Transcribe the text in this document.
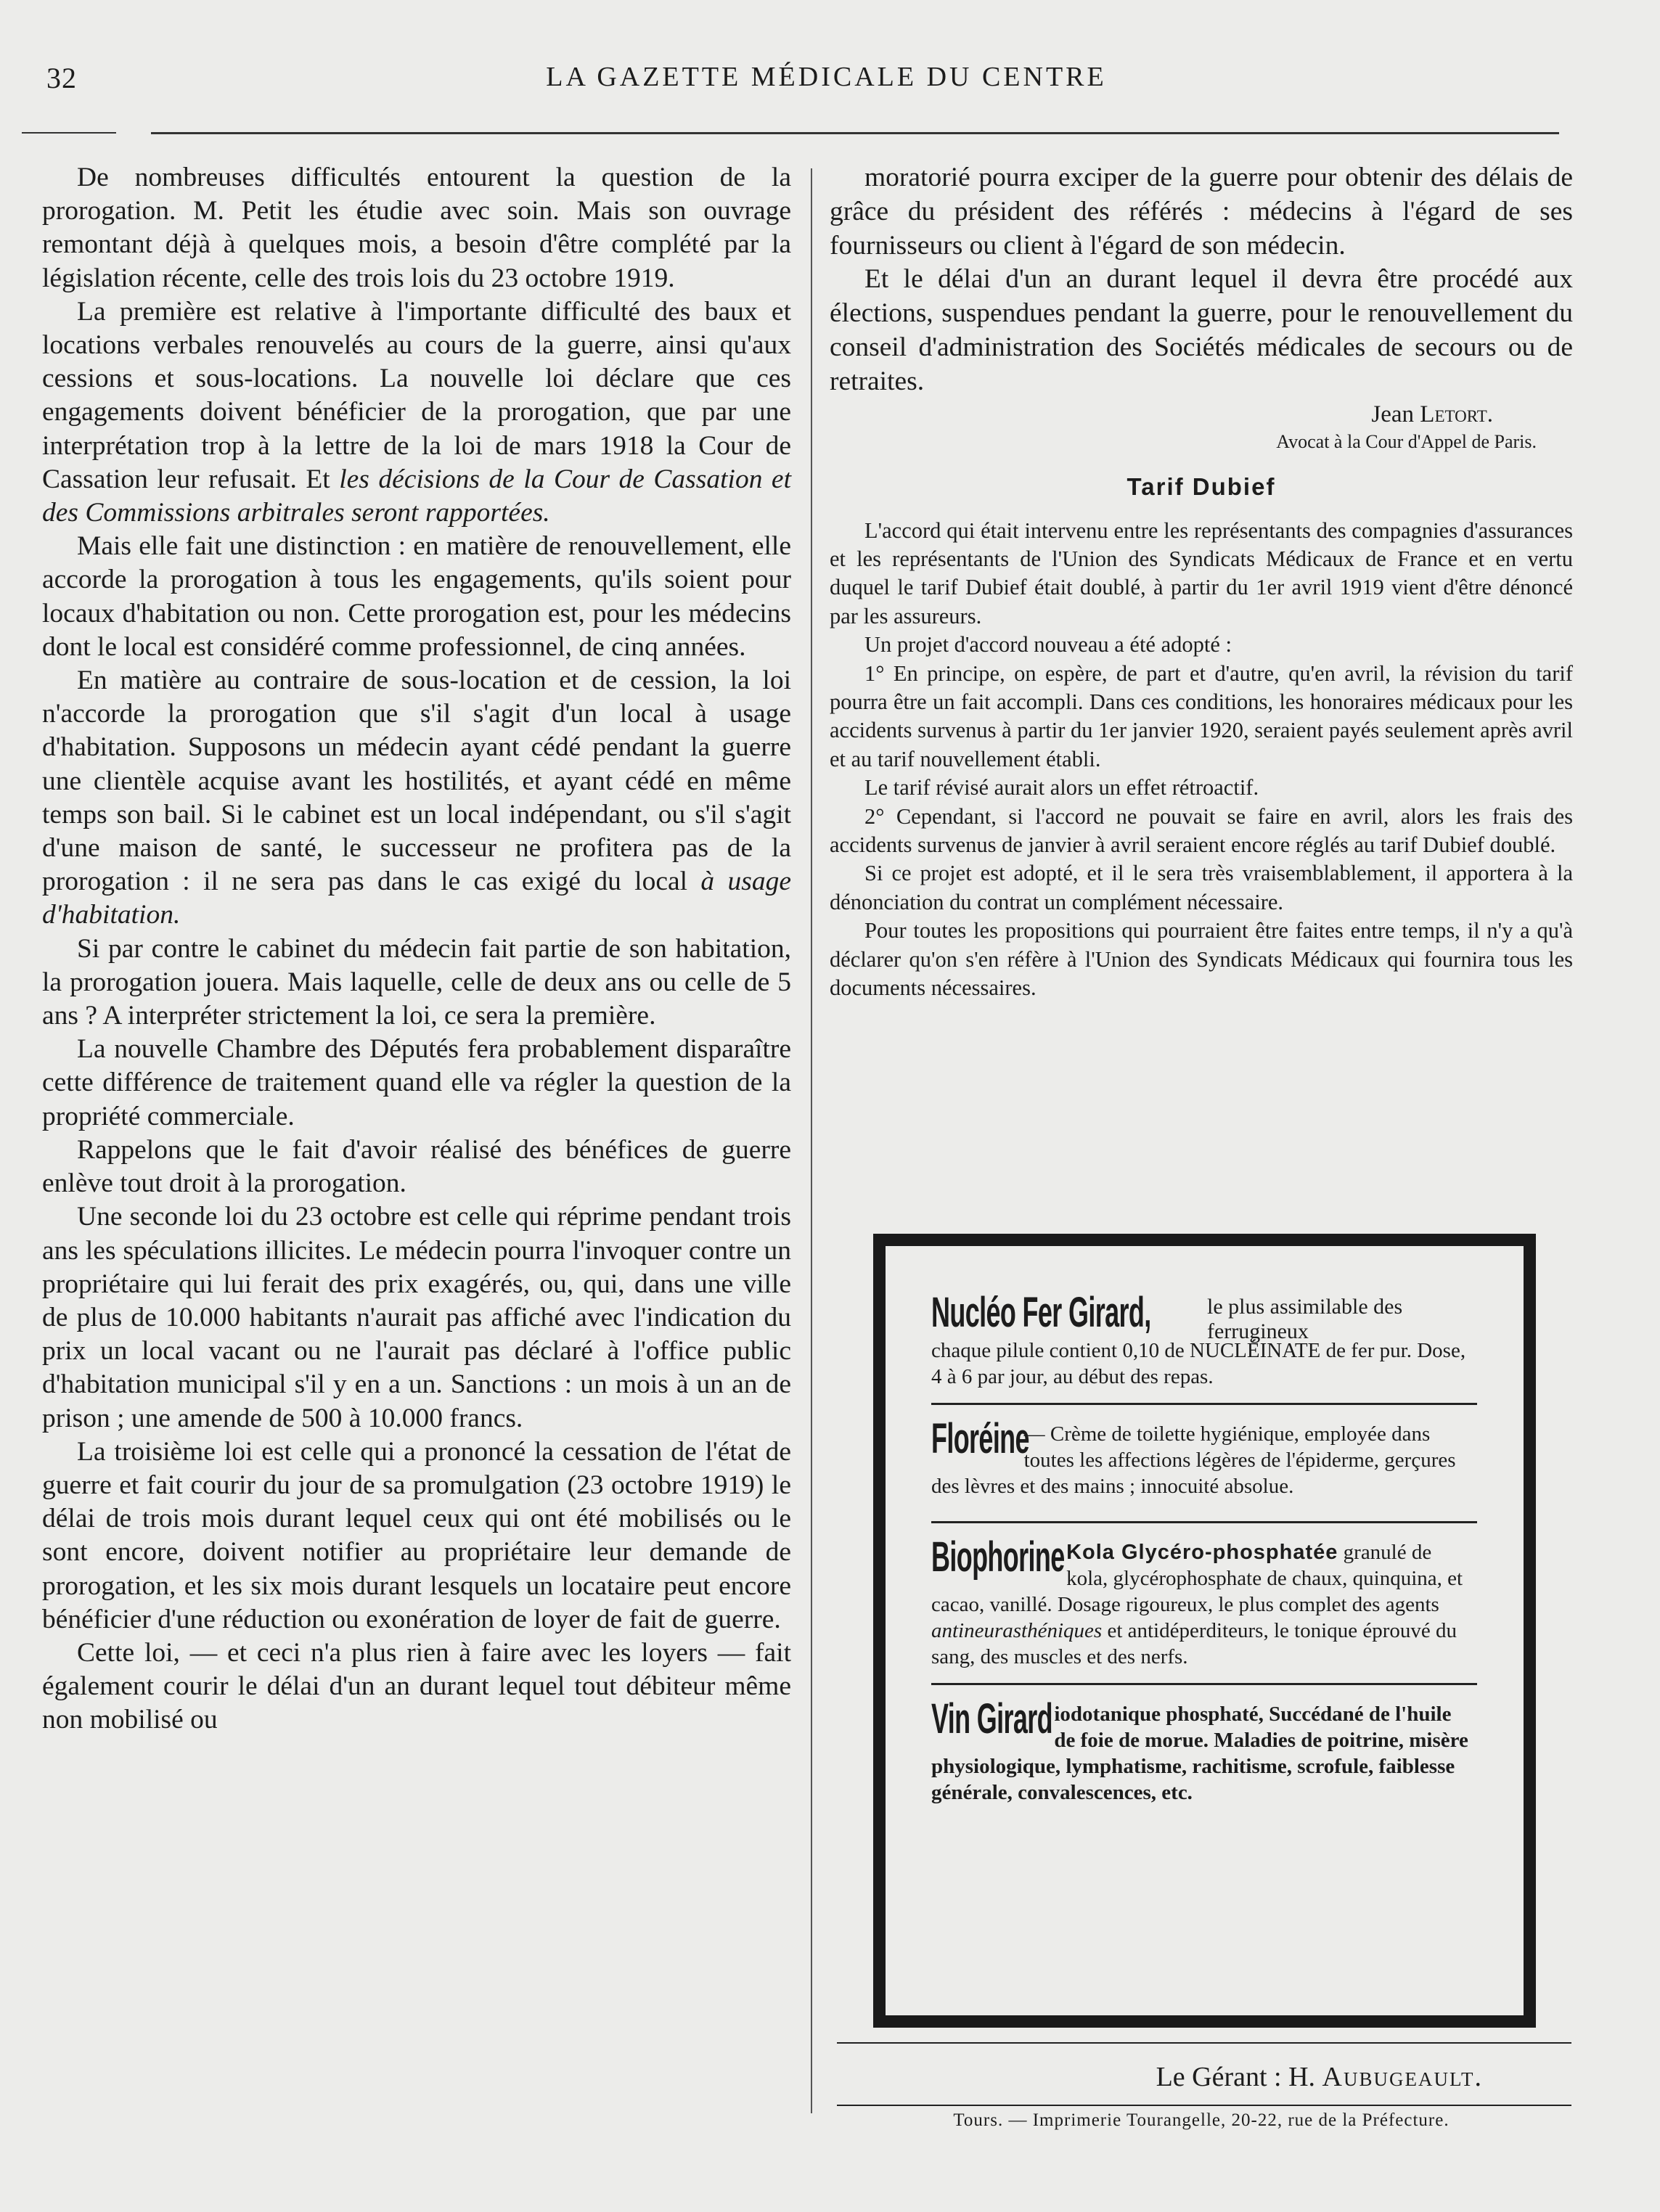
32	LA GAZETTE MÉDICALE DU CENTRE

De nombreuses difficultés entourent la question de la prorogation. M. Petit les étudie avec soin. Mais son ouvrage remontant déjà à quelques mois, a besoin d'être complété par la législation récente, celle des trois lois du 23 octobre 1919.

La première est relative à l'importante difficulté des baux et locations verbales renouvelés au cours de la guerre, ainsi qu'aux cessions et sous-locations. La nouvelle loi déclare que ces engagements doivent bénéficier de la prorogation, que par une interprétation trop à la lettre de la loi de mars 1918 la Cour de Cassation leur refusait. Et les décisions de la Cour de Cassation et des Commissions arbitrales seront rapportées.

Mais elle fait une distinction : en matière de renouvellement, elle accorde la prorogation à tous les engagements, qu'ils soient pour locaux d'habitation ou non. Cette prorogation est, pour les médecins dont le local est considéré comme professionnel, de cinq années.

En matière au contraire de sous-location et de cession, la loi n'accorde la prorogation que s'il s'agit d'un local à usage d'habitation. Supposons un médecin ayant cédé pendant la guerre une clientèle acquise avant les hostilités, et ayant cédé en même temps son bail. Si le cabinet est un local indépendant, ou s'il s'agit d'une maison de santé, le successeur ne profitera pas de la prorogation : il ne sera pas dans le cas exigé du local à usage d'habitation.

Si par contre le cabinet du médecin fait partie de son habitation, la prorogation jouera. Mais laquelle, celle de deux ans ou celle de 5 ans ? A interpréter strictement la loi, ce sera la première.

La nouvelle Chambre des Députés fera probablement disparaître cette différence de traitement quand elle va régler la question de la propriété commerciale.

Rappelons que le fait d'avoir réalisé des bénéfices de guerre enlève tout droit à la prorogation.

Une seconde loi du 23 octobre est celle qui réprime pendant trois ans les spéculations illicites. Le médecin pourra l'invoquer contre un propriétaire qui lui ferait des prix exagérés, ou, qui, dans une ville de plus de 10.000 habitants n'aurait pas affiché avec l'indication du prix un local vacant ou ne l'aurait pas déclaré à l'office public d'habitation municipal s'il y en a un. Sanctions : un mois à un an de prison ; une amende de 500 à 10.000 francs.

La troisième loi est celle qui a prononcé la cessation de l'état de guerre et fait courir du jour de sa promulgation (23 octobre 1919) le délai de trois mois durant lequel ceux qui ont été mobilisés ou le sont encore, doivent notifier au propriétaire leur demande de prorogation, et les six mois durant lesquels un locataire peut encore bénéficier d'une réduction ou exonération de loyer de fait de guerre.

Cette loi, — et ceci n'a plus rien à faire avec les loyers — fait également courir le délai d'un an durant lequel tout débiteur même non mobilisé ou

moratorié pourra exciper de la guerre pour obtenir des délais de grâce du président des référés : médecins à l'égard de ses fournisseurs ou client à l'égard de son médecin.

Et le délai d'un an durant lequel il devra être procédé aux élections, suspendues pendant la guerre, pour le renouvellement du conseil d'administration des Sociétés médicales de secours ou de retraites.

Jean Letort.
Avocat à la Cour d'Appel de Paris.
Tarif Dubief

L'accord qui était intervenu entre les représentants des compagnies d'assurances et les représentants de l'Union des Syndicats Médicaux de France et en vertu duquel le tarif Dubief était doublé, à partir du 1er avril 1919 vient d'être dénoncé par les assureurs.

Un projet d'accord nouveau a été adopté :

1° En principe, on espère, de part et d'autre, qu'en avril, la révision du tarif pourra être un fait accompli. Dans ces conditions, les honoraires médicaux pour les accidents survenus à partir du 1er janvier 1920, seraient payés seulement après avril et au tarif nouvellement établi.

Le tarif révisé aurait alors un effet rétroactif.

2° Cependant, si l'accord ne pouvait se faire en avril, alors les frais des accidents survenus de janvier à avril seraient encore réglés au tarif Dubief doublé.

Si ce projet est adopté, et il le sera très vraisemblablement, il apportera à la dénonciation du contrat un complément nécessaire.

Pour toutes les propositions qui pourraient être faites entre temps, il n'y a qu'à déclarer qu'on s'en réfère à l'Union des Syndicats Médicaux qui fournira tous les documents nécessaires.

Nucléo Fer Girard,	le plus assimilable des ferrugineux
chaque pilule contient 0,10 de NUCLÉINATE de fer pur. Dose, 4 à 6 par jour, au début des repas.
Floréine
— Crème de toilette hygiénique, employée dans toutes les affections légères de l'épiderme, gerçures des lèvres et des mains ; innocuité absolue.
Biophorine Kola Glycéro-phosphatée granulé de kola, glycérophosphate de chaux, quinquina, et cacao, vanillé. Dosage rigoureux, le plus complet des agents antineurasthéniques et antidéperditeurs, le tonique éprouvé du sang, des muscles et des nerfs.
Vin Girard iodotanique phosphaté, Succédané de l'huile de foie de morue. Maladies de poitrine, misère physiologique, lymphatisme, rachitisme, scrofule, faiblesse générale, convalescences, etc.
Le Gérant : H. Aubugeault.
Tours. — Imprimerie Tourangelle, 20-22, rue de la Préfecture.
